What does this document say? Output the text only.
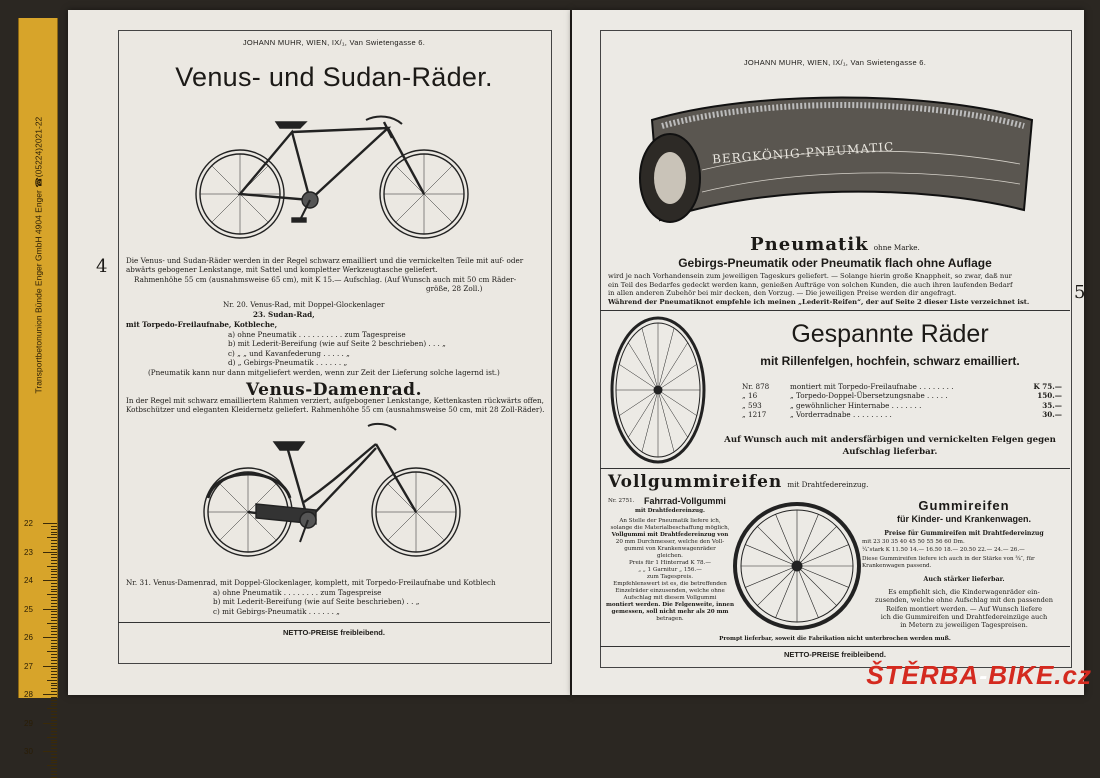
Transportbetonunion Bünde Enger GmbH 4904 Enger ☎(05224)2021-22
22
23
24
25
26
27
28
29
30
JOHANN MUHR, WIEN, IX/₁, Van Swietengasse 6.
4
Venus- und Sudan-Räder.
Die Venus- und Sudan-Räder werden in der Regel schwarz emailliert und die vernickelten Teile mit auf- oder
abwärts gebogener Lenkstange, mit Sattel und kompletter Werkzeugtasche geliefert.
Rahmenhöhe 55 cm (ausnahmsweise 65 cm), mit K 15.— Aufschlag. (Auf Wunsch auch mit 50 cm Räder-
größe, 28 Zoll.)
Nr. 20. Venus-Rad, mit Doppel-Glockenlager
23. Sudan-Rad,
mit Torpedo-Freilaufnabe, Kotbleche,
a) ohne Pneumatik . . . . . . . . . . zum Tagespreise
b) mit Lederit-Bereifung (wie auf Seite 2 beschrieben) . . . „
c) „ „ und Kavanfederung . . . . . „
d) „ Gebirgs-Pneumatik . . . . . . „
(Pneumatik kann nur dann mitgeliefert werden, wenn zur Zeit der Lieferung solche lagernd ist.)
Venus-Damenrad.
In der Regel mit schwarz emailliertem Rahmen verziert, aufgebogener Lenkstange, Kettenkasten rückwärts offen,
Kotbschützer und eleganten Kleidernetz geliefert. Rahmenhöhe 55 cm (ausnahmsweise 50 cm, mit 28 Zoll-Räder).
Nr. 31. Venus-Damenrad, mit Doppel-Glockenlager, komplett, mit Torpedo-Freilaufnabe und Kotblech
a) ohne Pneumatik . . . . . . . . zum Tagespreise
b) mit Lederit-Bereifung (wie auf Seite beschrieben) . . „
c) mit Gebirgs-Pneumatik . . . . . . „
NETTO-PREISE freibleibend.
JOHANN MUHR, WIEN, IX/₁, Van Swietengasse 6.
5
BERGKÖNIG-PNEUMATIC
Pneumatik ohne Marke.
Gebirgs-Pneumatik oder Pneumatik flach ohne Auflage
wird je nach Vorhandensein zum jeweiligen Tageskurs geliefert. — Solange hierin große Knappheit, so zwar, daß nur
ein Teil des Bedarfes gedeckt werden kann, genießen Aufträge von solchen Kunden, die auch ihren laufenden Bedarf
in allen anderen Zubehör bei mir decken, den Vorzug. — Die jeweiligen Preise werden dir angefragt.
Während der Pneumatiknot empfehle ich meinen „Lederit-Reifen“, der auf Seite 2 dieser Liste verzeichnet ist.
Gespannte Räder
mit Rillenfelgen, hochfein, schwarz emailliert.
Nr. 878	montiert mit Torpedo-Freilaufnabe . . . . . . . .	K 75.—
„ 16	„ Torpedo-Doppel-Übersetzungsnabe . . . . .	150.—
„ 593	„ gewöhnlicher Hinternabe . . . . . . .	35.—
„ 1217	„ Vorderradnabe . . . . . . . . .	30.—
Auf Wunsch auch mit andersfärbigen und vernickelten Felgen gegen Aufschlag lieferbar.
Vollgummireifen mit Drahtfedereinzug.
Nr. 2751. Fahrrad-Vollgummi
mit Drahtfedereinzug.
An Stelle der Pneumatik liefere ich,
solange die Materialbeschaffung möglich,
Vollgummi mit Drahtfedereinzug von
20 mm Durchmesser, welche den Voll-
gummi von Krankenwagenräder
gleichen.
Preis für 1 Hinterrad K 78.—
„ „ 1 Garnitur „ 156.—
zum Tagespreis.
Empfehlenswert ist es, die betreffenden
Einzelräder einzusenden, welche ohne
Aufschlag mit diesem Vollgummi
montiert werden. Die Felgenweite, innen
gemessen, soll nicht mehr als 20 mm
betragen.
Gummireifen
für Kinder- und Krankenwagen.
Preise für Gummireifen mit Drahtfedereinzug
mit 23 30 35 40 45 50 55 56 60 Dm.
¼″stark K 11.50 14.— 16.50 18.— 20.50 22.— 24.— 26.—
Diese Gummireifen liefere ich auch in der Stärke von ¾″, für Krankenwagen passend.
Auch stärker lieferbar.
Es empfiehlt sich, die Kinderwagenräder ein-
zusenden, welche ohne Aufschlag mit den passenden
Reifen montiert werden. — Auf Wunsch liefere
ich die Gummireifen und Drahtfedereinzüge auch
in Metern zu jeweiligen Tagespreisen.
Prompt lieferbar, soweit die Fabrikation nicht unterbrochen werden muß.
NETTO-PREISE freibleibend.
ŠTĚRBA-BIKE.cz
